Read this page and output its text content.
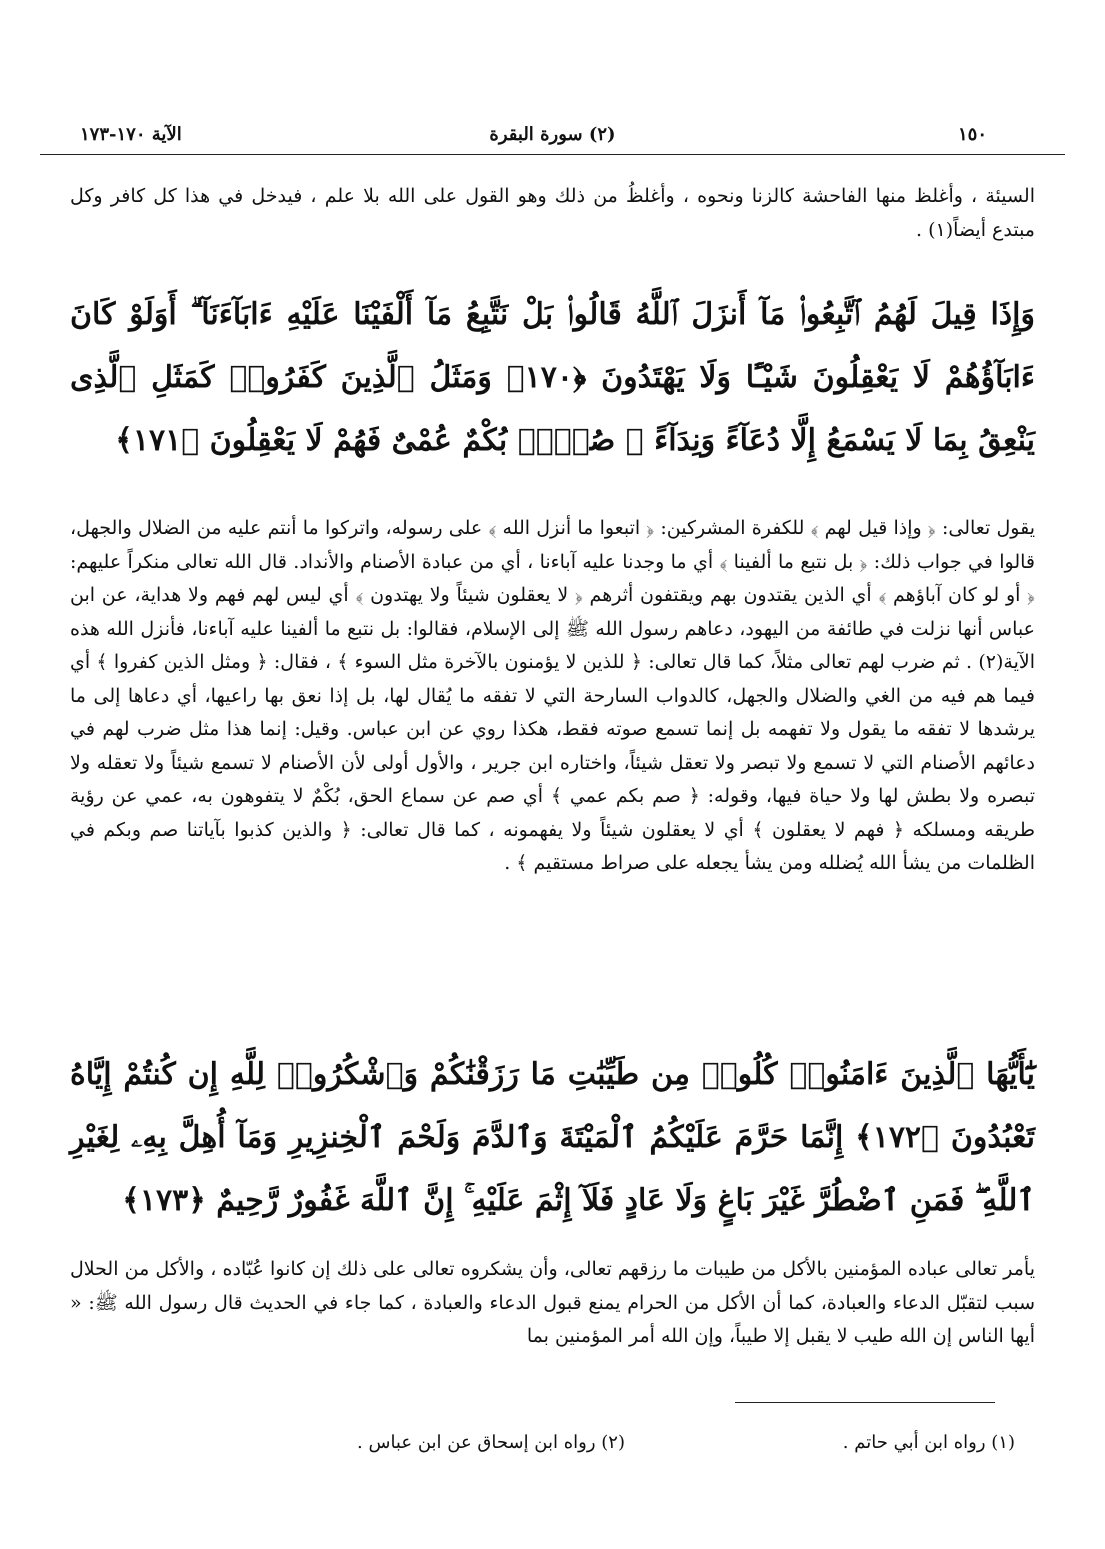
١٥٠
(٢) سورة البقرة
الآية ١٧٠-١٧٣

السيئة ، وأغلظ منها الفاحشة كالزنا ونحوه ، وأغلظُ من ذلك وهو القول على الله بلا علم ، فيدخل في هذا كل كافر وكل مبتدع أيضاً(١) .

وَإِذَا قِيلَ لَهُمُ ٱتَّبِعُوا۟ مَآ أَنزَلَ ٱللَّهُ قَالُوا۟ بَلْ نَتَّبِعُ مَآ أَلْفَيْنَا عَلَيْهِ ءَابَآءَنَآ ۗ أَوَلَوْ كَانَ ءَابَآؤُهُمْ لَا يَعْقِلُونَ شَيْـًٔا وَلَا يَهْتَدُونَ ﴿١٧٠﴾ وَمَثَلُ ٱلَّذِينَ كَفَرُوا۟ كَمَثَلِ ٱلَّذِى يَنْعِقُ بِمَا لَا يَسْمَعُ إِلَّا دُعَآءً وَنِدَآءً ۚ صُمٌّۢ بُكْمٌ عُمْىٌ فَهُمْ لَا يَعْقِلُونَ ﴿١٧١﴾

يقول تعالى: ﴿ وإذا قيل لهم ﴾ للكفرة المشركين: ﴿ اتبعوا ما أنزل الله ﴾ على رسوله، واتركوا ما أنتم عليه من الضلال والجهل، قالوا في جواب ذلك: ﴿ بل نتبع ما ألفينا ﴾ أي ما وجدنا عليه آباءنا ، أي من عبادة الأصنام والأنداد. قال الله تعالى منكراً عليهم: ﴿ أو لو كان آباؤهم ﴾ أي الذين يقتدون بهم ويقتفون أثرهم ﴿ لا يعقلون شيئاً ولا يهتدون ﴾ أي ليس لهم فهم ولا هداية، عن ابن عباس أنها نزلت في طائفة من اليهود، دعاهم رسول الله ﷺ إلى الإسلام، فقالوا: بل نتبع ما ألفينا عليه آباءنا، فأنزل الله هذه الآية(٢) . ثم ضرب لهم تعالى مثلاً، كما قال تعالى: ﴿ للذين لا يؤمنون بالآخرة مثل السوء ﴾ ، فقال: ﴿ ومثل الذين كفروا ﴾ أي فيما هم فيه من الغي والضلال والجهل، كالدواب السارحة التي لا تفقه ما يُقال لها، بل إذا نعق بها راعيها، أي دعاها إلى ما يرشدها لا تفقه ما يقول ولا تفهمه بل إنما تسمع صوته فقط، هكذا روي عن ابن عباس. وقيل: إنما هذا مثل ضرب لهم في دعائهم الأصنام التي لا تسمع ولا تبصر ولا تعقل شيئاً، واختاره ابن جرير ، والأول أولى لأن الأصنام لا تسمع شيئاً ولا تعقله ولا تبصره ولا بطش لها ولا حياة فيها، وقوله: ﴿ صم بكم عمي ﴾ أي صم عن سماع الحق، بُكْمٌ لا يتفوهون به، عمي عن رؤية طريقه ومسلكه ﴿ فهم لا يعقلون ﴾ أي لا يعقلون شيئاً ولا يفهمونه ، كما قال تعالى: ﴿ والذين كذبوا بآياتنا صم وبكم في الظلمات من يشأ الله يُضلله ومن يشأ يجعله على صراط مستقيم ﴾ .

يَٰٓأَيُّهَا ٱلَّذِينَ ءَامَنُوا۟ كُلُوا۟ مِن طَيِّبَٰتِ مَا رَزَقْنَٰكُمْ وَٱشْكُرُوا۟ لِلَّهِ إِن كُنتُمْ إِيَّاهُ تَعْبُدُونَ ﴿١٧٢﴾ إِنَّمَا حَرَّمَ عَلَيْكُمُ ٱلْمَيْتَةَ وَٱلدَّمَ وَلَحْمَ ٱلْخِنزِيرِ وَمَآ أُهِلَّ بِهِۦ لِغَيْرِ ٱللَّهِ ۖ فَمَنِ ٱضْطُرَّ غَيْرَ بَاغٍ وَلَا عَادٍ فَلَآ إِثْمَ عَلَيْهِ ۚ إِنَّ ٱللَّهَ غَفُورٌ رَّحِيمٌ ﴿١٧٣﴾

يأمر تعالى عباده المؤمنين بالأكل من طيبات ما رزقهم تعالى، وأن يشكروه تعالى على ذلك إن كانوا عُبّاده ، والأكل من الحلال سبب لتقبّل الدعاء والعبادة، كما أن الأكل من الحرام يمنع قبول الدعاء والعبادة ، كما جاء في الحديث قال رسول الله ﷺ: « أيها الناس إن الله طيب لا يقبل إلا طيباً، وإن الله أمر المؤمنين بما

(١) رواه ابن أبي حاتم .
(٢) رواه ابن إسحاق عن ابن عباس .
